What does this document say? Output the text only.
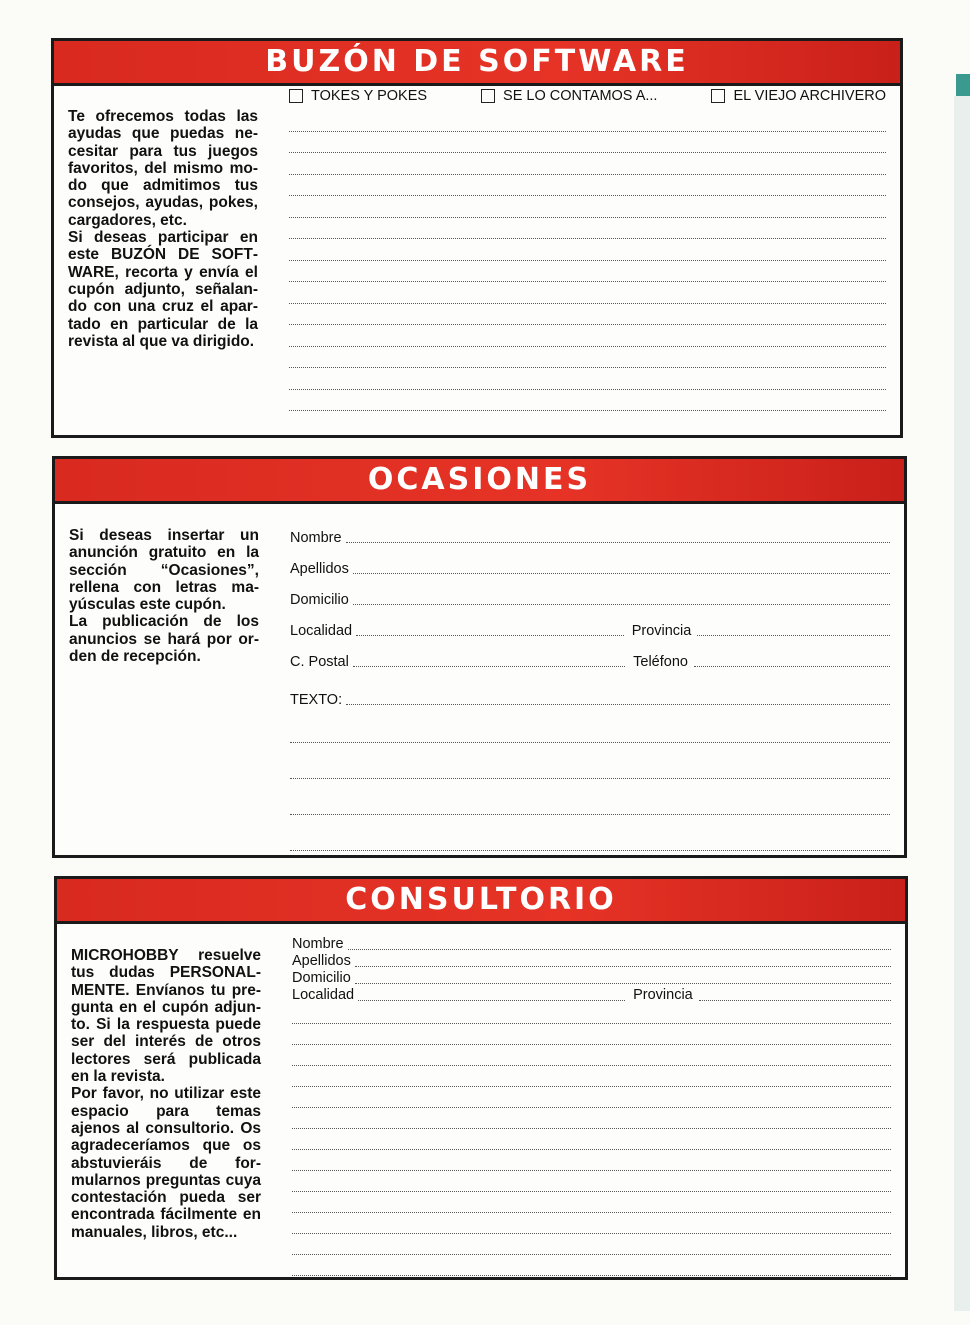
BUZÓN DE SOFTWARE

Te ofrecemos todas las ayudas que puedas necesitar para tus juegos favoritos, del mismo modo que admitimos tus consejos, ayudas, pokes, cargadores, etc.

Si deseas participar en este BUZÓN DE SOFTWARE, recorta y envía el cupón adjunto, señalando con una cruz el apartado en particular de la revista al que va dirigido.

TOKES Y POKES	SE LO CONTAMOS A...	EL VIEJO ARCHIVERO
OCASIONES

Si deseas insertar un anunción gratuito en la sección “Ocasiones”, rellena con letras mayúsculas este cupón.

La publicación de los anuncios se hará por orden de recepción.

Nombre
Apellidos
Domicilio
Localidad	Provincia
C. Postal	Teléfono
TEXTO:
CONSULTORIO

MICROHOBBY resuelve tus dudas PERSONALMENTE. Envíanos tu pregunta en el cupón adjunto. Si la respuesta puede ser del interés de otros lectores será publicada en la revista.

Por favor, no utilizar este espacio para temas ajenos al consultorio. Os agradeceríamos que os abstuvieráis de formularnos preguntas cuya contestación pueda ser encontrada fácilmente en manuales, libros, etc...

Nombre
Apellidos
Domicilio
Localidad	Provincia
